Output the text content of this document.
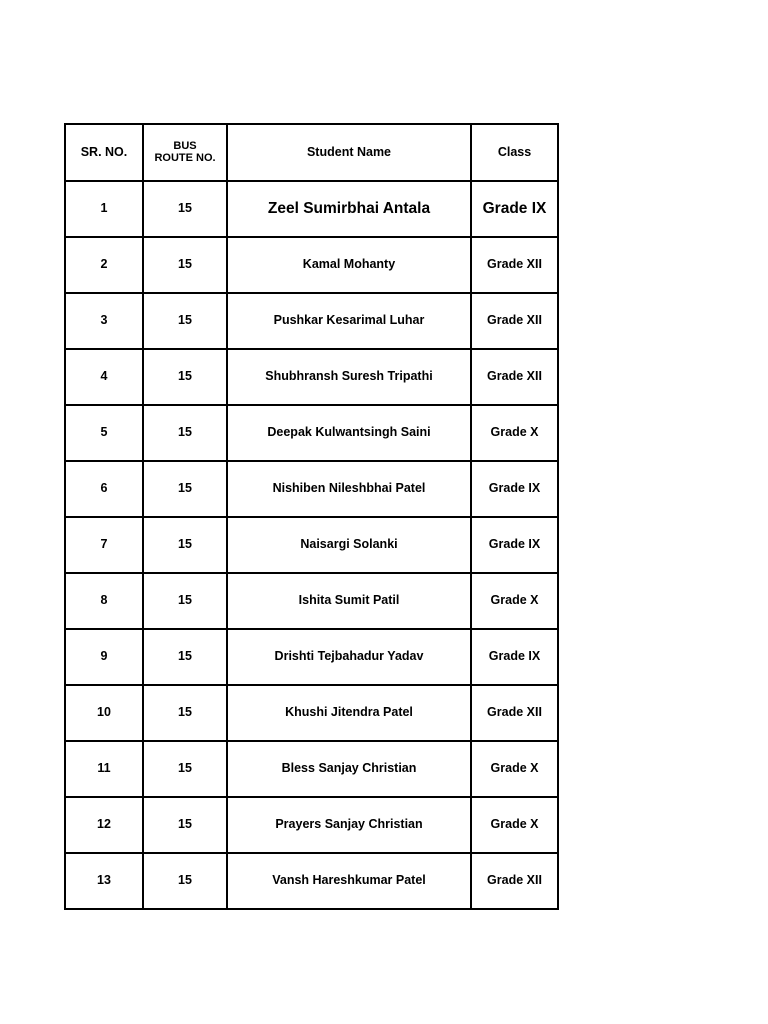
SR. NO.	BUS ROUTE NO.	Student Name	Class
1	15	Zeel Sumirbhai Antala	Grade IX
2	15	Kamal Mohanty	Grade XII
3	15	Pushkar Kesarimal Luhar	Grade XII
4	15	Shubhransh Suresh Tripathi	Grade XII
5	15	Deepak Kulwantsingh Saini	Grade X
6	15	Nishiben Nileshbhai Patel	Grade IX
7	15	Naisargi Solanki	Grade IX
8	15	Ishita Sumit Patil	Grade X
9	15	Drishti Tejbahadur Yadav	Grade IX
10	15	Khushi Jitendra Patel	Grade XII
11	15	Bless Sanjay Christian	Grade X
12	15	Prayers Sanjay Christian	Grade X
13	15	Vansh Hareshkumar Patel	Grade XII
